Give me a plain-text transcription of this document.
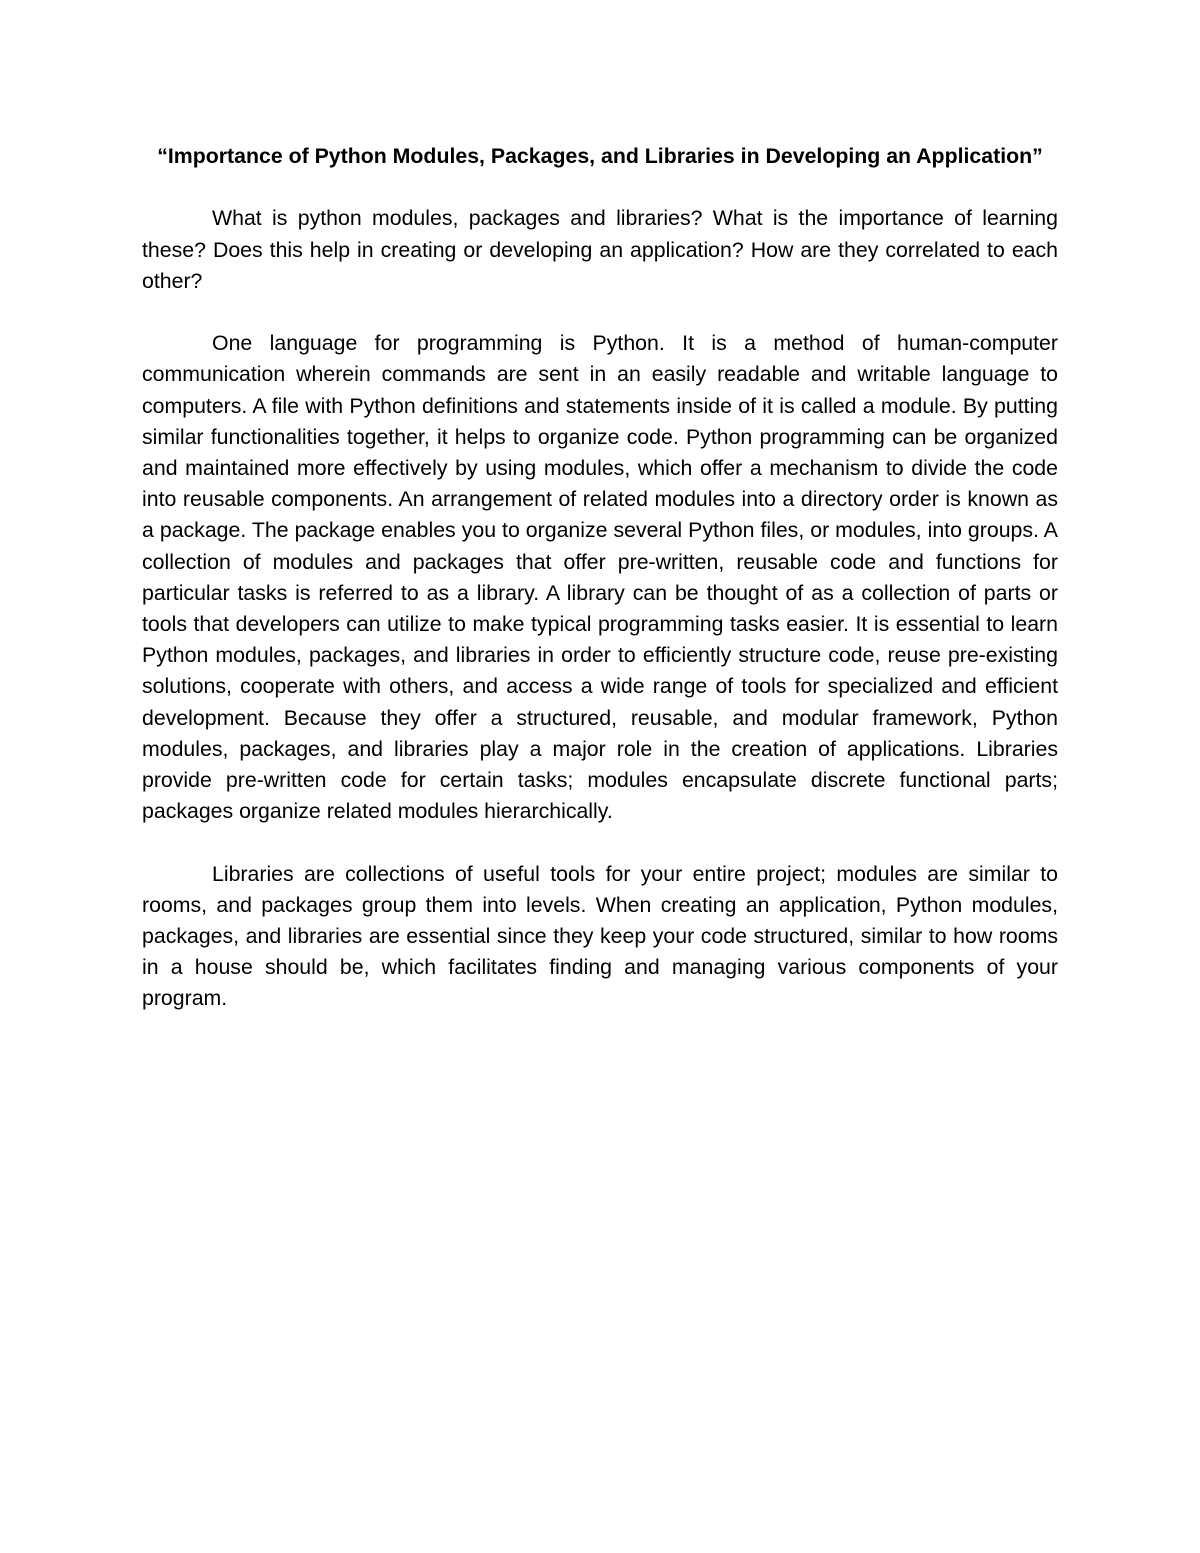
“Importance of Python Modules, Packages, and Libraries in Developing an Application”

What is python modules, packages and libraries? What is the importance of learning these? Does this help in creating or developing an application? How are they correlated to each other?

One language for programming is Python. It is a method of human-computer communication wherein commands are sent in an easily readable and writable language to computers. A file with Python definitions and statements inside of it is called a module. By putting similar functionalities together, it helps to organize code. Python programming can be organized and maintained more effectively by using modules, which offer a mechanism to divide the code into reusable components. An arrangement of related modules into a directory order is known as a package. The package enables you to organize several Python files, or modules, into groups. A collection of modules and packages that offer pre-written, reusable code and functions for particular tasks is referred to as a library. A library can be thought of as a collection of parts or tools that developers can utilize to make typical programming tasks easier. It is essential to learn Python modules, packages, and libraries in order to efficiently structure code, reuse pre-existing solutions, cooperate with others, and access a wide range of tools for specialized and efficient development. Because they offer a structured, reusable, and modular framework, Python modules, packages, and libraries play a major role in the creation of applications. Libraries provide pre-written code for certain tasks; modules encapsulate discrete functional parts; packages organize related modules hierarchically.

Libraries are collections of useful tools for your entire project; modules are similar to rooms, and packages group them into levels. When creating an application, Python modules, packages, and libraries are essential since they keep your code structured, similar to how rooms in a house should be, which facilitates finding and managing various components of your program.
